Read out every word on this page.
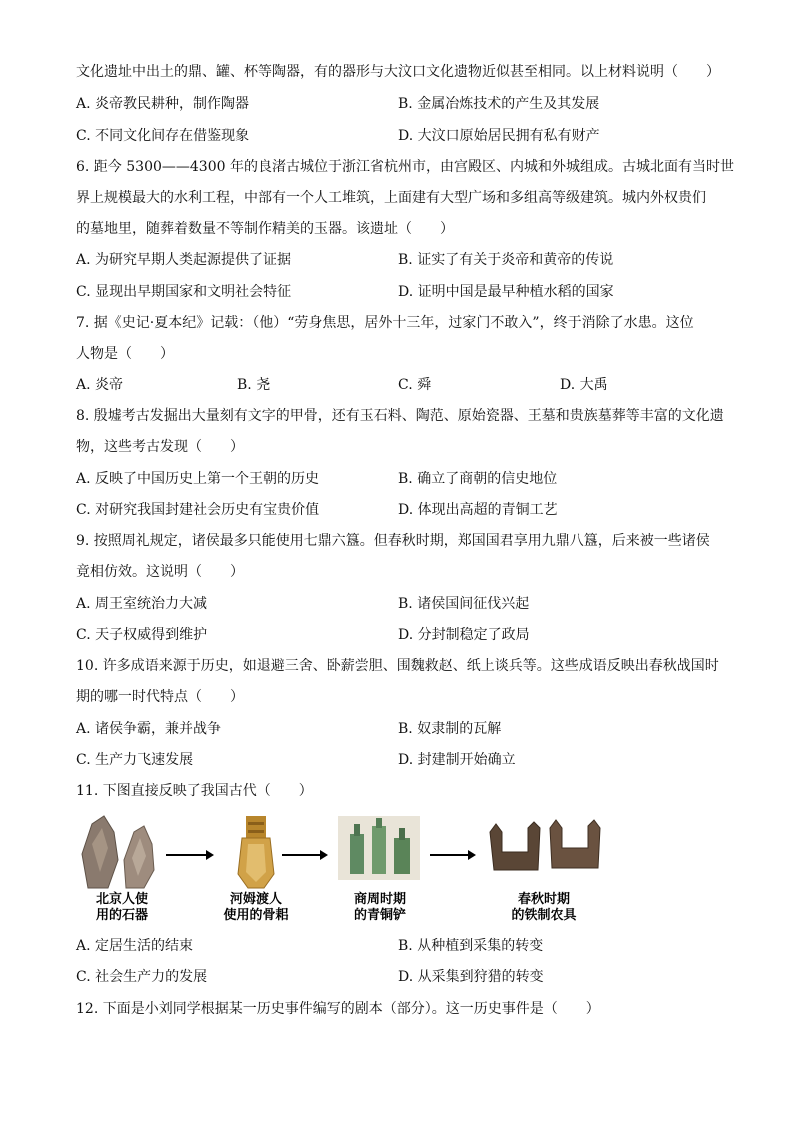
文化遗址中出土的鼎、罐、杯等陶器，有的器形与大汶口文化遗物近似甚至相同。以上材料说明（　　）
A. 炎帝教民耕种，制作陶器	B. 金属冶炼技术的产生及其发展
C. 不同文化间存在借鉴现象	D. 大汶口原始居民拥有私有财产
6. 距今 5300——4300 年的良渚古城位于浙江省杭州市，由宫殿区、内城和外城组成。古城北面有当时世
界上规模最大的水利工程，中部有一个人工堆筑，上面建有大型广场和多组高等级建筑。城内外权贵们
的墓地里，随葬着数量不等制作精美的玉器。该遗址（　　）
A. 为研究早期人类起源提供了证据	B. 证实了有关于炎帝和黄帝的传说
C. 显现出早期国家和文明社会特征	D. 证明中国是最早种植水稻的国家
7. 据《史记·夏本纪》记载：（他）“劳身焦思，居外十三年，过家门不敢入”，终于消除了水患。这位
人物是（　　）
A. 炎帝	B. 尧	C. 舜	D. 大禹
8. 殷墟考古发掘出大量刻有文字的甲骨，还有玉石料、陶范、原始瓷器、王墓和贵族墓葬等丰富的文化遗
物，这些考古发现（　　）
A. 反映了中国历史上第一个王朝的历史	B. 确立了商朝的信史地位
C. 对研究我国封建社会历史有宝贵价值	D. 体现出高超的青铜工艺
9. 按照周礼规定，诸侯最多只能使用七鼎六簋。但春秋时期，郑国国君享用九鼎八簋，后来被一些诸侯
竟相仿效。这说明（　　）
A. 周王室统治力大减	B. 诸侯国间征伐兴起
C. 天子权威得到维护	D. 分封制稳定了政局
10. 许多成语来源于历史，如退避三舍、卧薪尝胆、围魏救赵、纸上谈兵等。这些成语反映出春秋战国时
期的哪一时代特点（　　）
A. 诸侯争霸，兼并战争	B. 奴隶制的瓦解
C. 生产力飞速发展	D. 封建制开始确立
11. 下图直接反映了我国古代（　　）
北京人使
用的石器
河姆渡人
使用的骨耜
商周时期
的青铜铲
春秋时期
的铁制农具
A. 定居生活的结束	B. 从种植到采集的转变
C. 社会生产力的发展	D. 从采集到狩猎的转变
12. 下面是小刘同学根据某一历史事件编写的剧本（部分）。这一历史事件是（　　）
